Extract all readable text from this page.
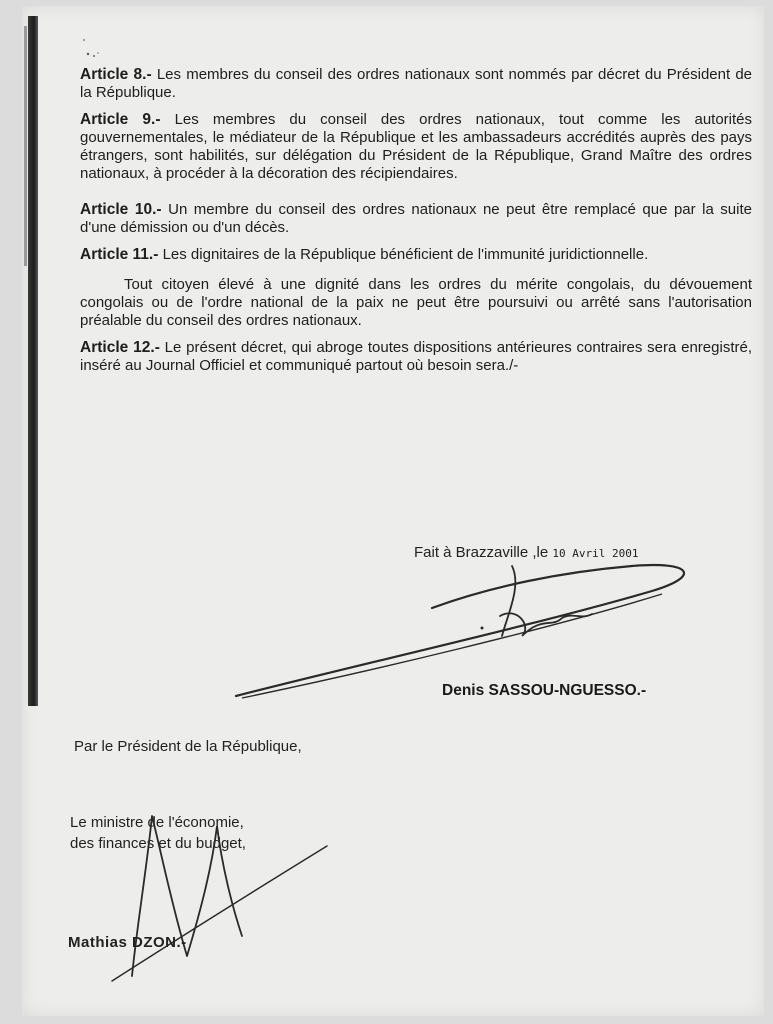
Article 8.- Les membres du conseil des ordres nationaux sont nommés par décret du Président de la République.

Article 9.- Les membres du conseil des ordres nationaux, tout comme les autorités gouvernementales, le médiateur de la République et les ambassadeurs accrédités auprès des pays étrangers, sont habilités, sur délégation du Président de la République, Grand Maître des ordres nationaux, à procéder à la décoration des récipiendaires.

Article 10.- Un membre du conseil des ordres nationaux ne peut être remplacé que par la suite d'une démission ou d'un décès.

Article 11.- Les dignitaires de la République bénéficient de l'immunité juridictionnelle.

Tout citoyen élevé à une dignité dans les ordres du mérite congolais, du dévouement congolais ou de l'ordre national de la paix ne peut être poursuivi ou arrêté sans l'autorisation préalable du conseil des ordres nationaux.

Article 12.- Le présent décret, qui abroge toutes dispositions antérieures contraires sera enregistré, inséré au Journal Officiel et communiqué partout où besoin sera./-

Fait à Brazzaville ,le 10 Avril 2001
Denis SASSOU-NGUESSO.-
Par le Président de la République,
Le ministre de l'économie,
des finances et du budget,
Mathias DZON.-
